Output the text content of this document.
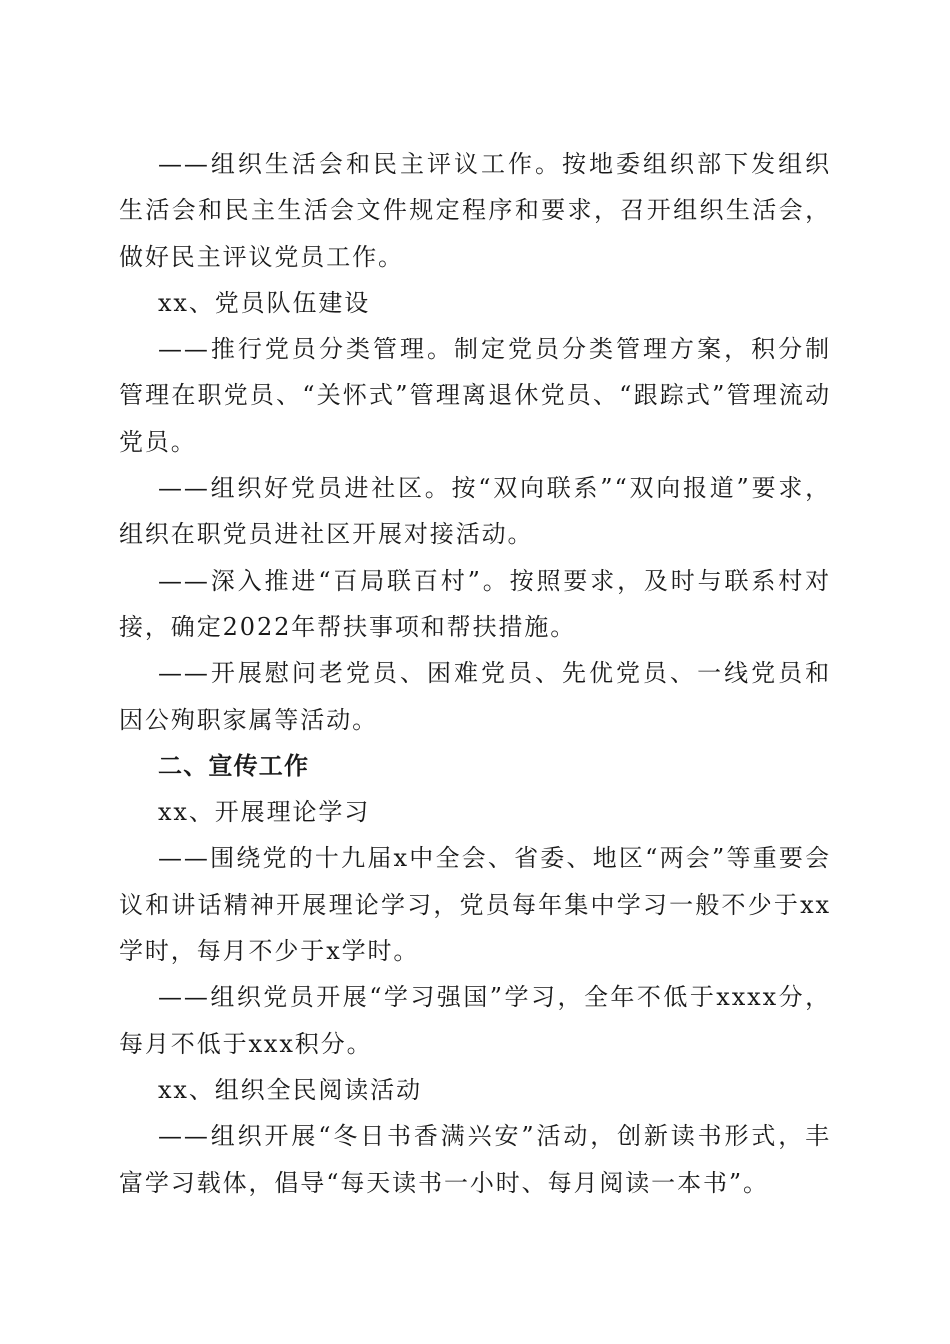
——组织生活会和民主评议工作。按地委组织部下发组织生活会和民主生活会文件规定程序和要求，召开组织生活会，做好民主评议党员工作。

xx、党员队伍建设

——推行党员分类管理。制定党员分类管理方案，积分制管理在职党员、“关怀式”管理离退休党员、“跟踪式”管理流动党员。

——组织好党员进社区。按“双向联系”“双向报道”要求，组织在职党员进社区开展对接活动。

——深入推进“百局联百村”。按照要求，及时与联系村对接，确定2022年帮扶事项和帮扶措施。

——开展慰问老党员、困难党员、先优党员、一线党员和因公殉职家属等活动。

二、宣传工作

xx、开展理论学习

——围绕党的十九届x中全会、省委、地区“两会”等重要会议和讲话精神开展理论学习，党员每年集中学习一般不少于xx学时，每月不少于x学时。

——组织党员开展“学习强国”学习，全年不低于xxxx分，每月不低于xxx积分。

xx、组织全民阅读活动

——组织开展“冬日书香满兴安”活动，创新读书形式，丰富学习载体，倡导“每天读书一小时、每月阅读一本书”。
